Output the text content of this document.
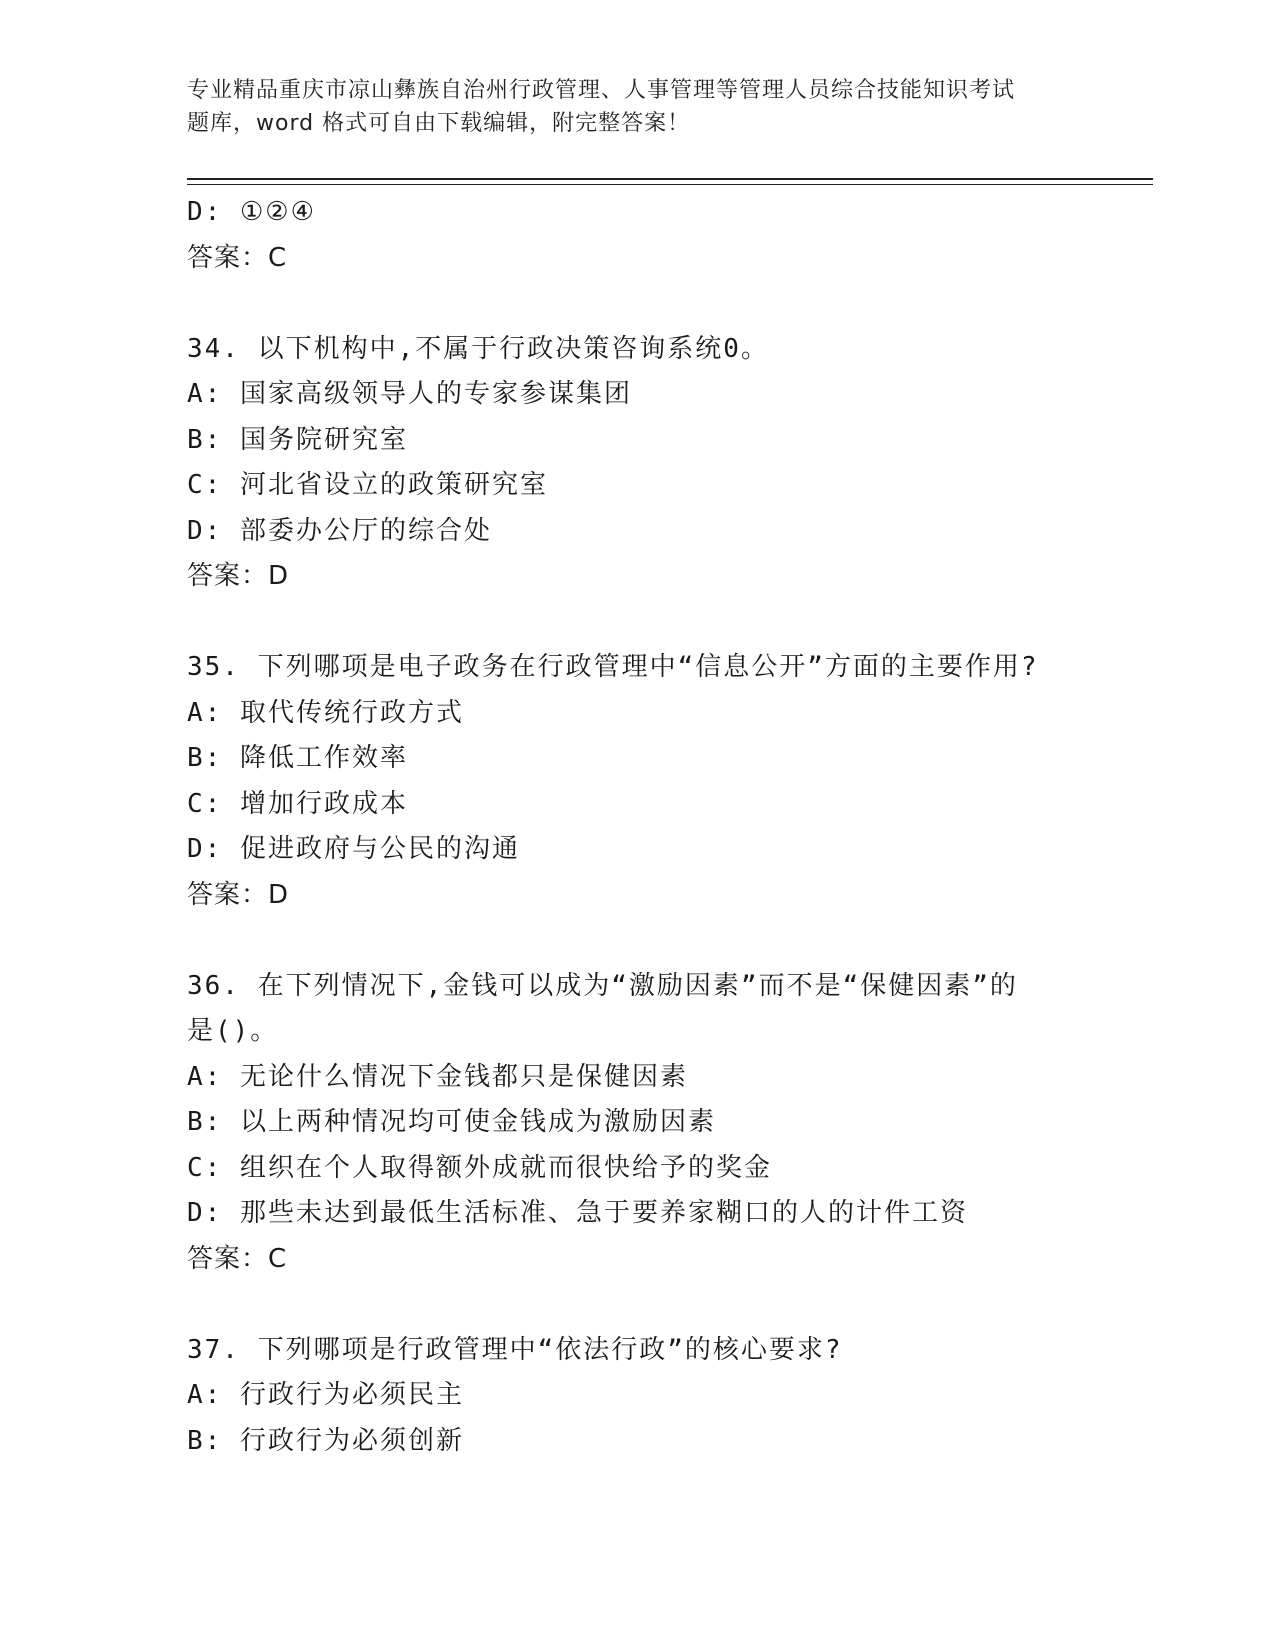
专业精品重庆市凉山彝族自治州行政管理、人事管理等管理人员综合技能知识考试
题库，word 格式可自由下载编辑，附完整答案！
D: ①②④
答案：C
34. 以下机构中,不属于行政决策咨询系统0。
A: 国家高级领导人的专家参谋集团
B: 国务院研究室
C: 河北省设立的政策研究室
D: 部委办公厅的综合处
答案：D
35. 下列哪项是电子政务在行政管理中“信息公开”方面的主要作用?
A: 取代传统行政方式
B: 降低工作效率
C: 增加行政成本
D: 促进政府与公民的沟通
答案：D
36. 在下列情况下,金钱可以成为“激励因素”而不是“保健因素”的
是()。
A: 无论什么情况下金钱都只是保健因素
B: 以上两种情况均可使金钱成为激励因素
C: 组织在个人取得额外成就而很快给予的奖金
D: 那些未达到最低生活标准、急于要养家糊口的人的计件工资
答案：C
37. 下列哪项是行政管理中“依法行政”的核心要求?
A: 行政行为必须民主
B: 行政行为必须创新
